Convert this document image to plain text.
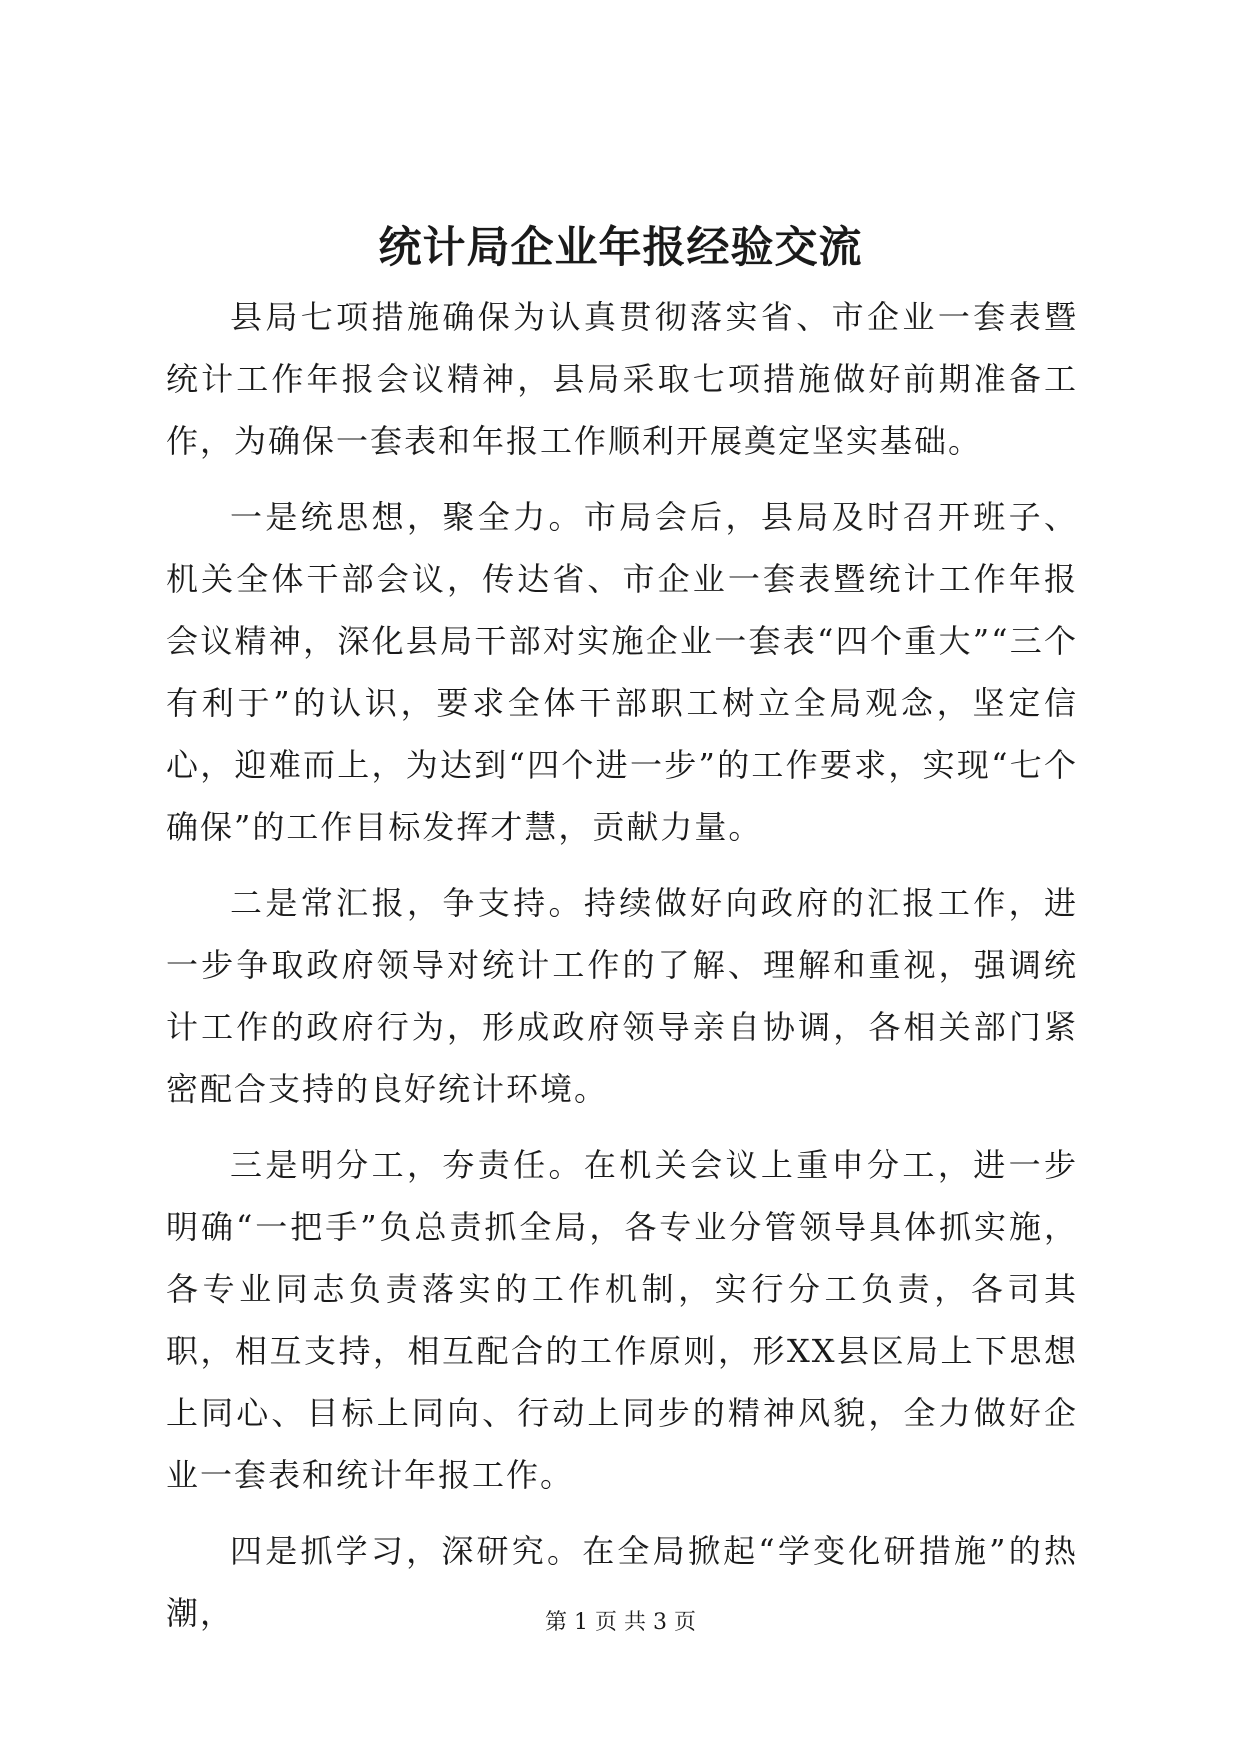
统计局企业年报经验交流

县局七项措施确保为认真贯彻落实省、市企业一套表暨统计工作年报会议精神，县局采取七项措施做好前期准备工作，为确保一套表和年报工作顺利开展奠定坚实基础。

一是统思想，聚全力。市局会后，县局及时召开班子、机关全体干部会议，传达省、市企业一套表暨统计工作年报会议精神，深化县局干部对实施企业一套表“四个重大”“三个有利于”的认识，要求全体干部职工树立全局观念，坚定信心，迎难而上，为达到“四个进一步”的工作要求，实现“七个确保”的工作目标发挥才慧，贡献力量。

二是常汇报，争支持。持续做好向政府的汇报工作，进一步争取政府领导对统计工作的了解、理解和重视，强调统计工作的政府行为，形成政府领导亲自协调，各相关部门紧密配合支持的良好统计环境。

三是明分工，夯责任。在机关会议上重申分工，进一步明确“一把手”负总责抓全局，各专业分管领导具体抓实施，各专业同志负责落实的工作机制，实行分工负责，各司其职，相互支持，相互配合的工作原则，形XX县区局上下思想上同心、目标上同向、行动上同步的精神风貌，全力做好企业一套表和统计年报工作。

四是抓学习，深研究。在全局掀起“学变化研措施”的热潮，	第 1 页 共 3 页
